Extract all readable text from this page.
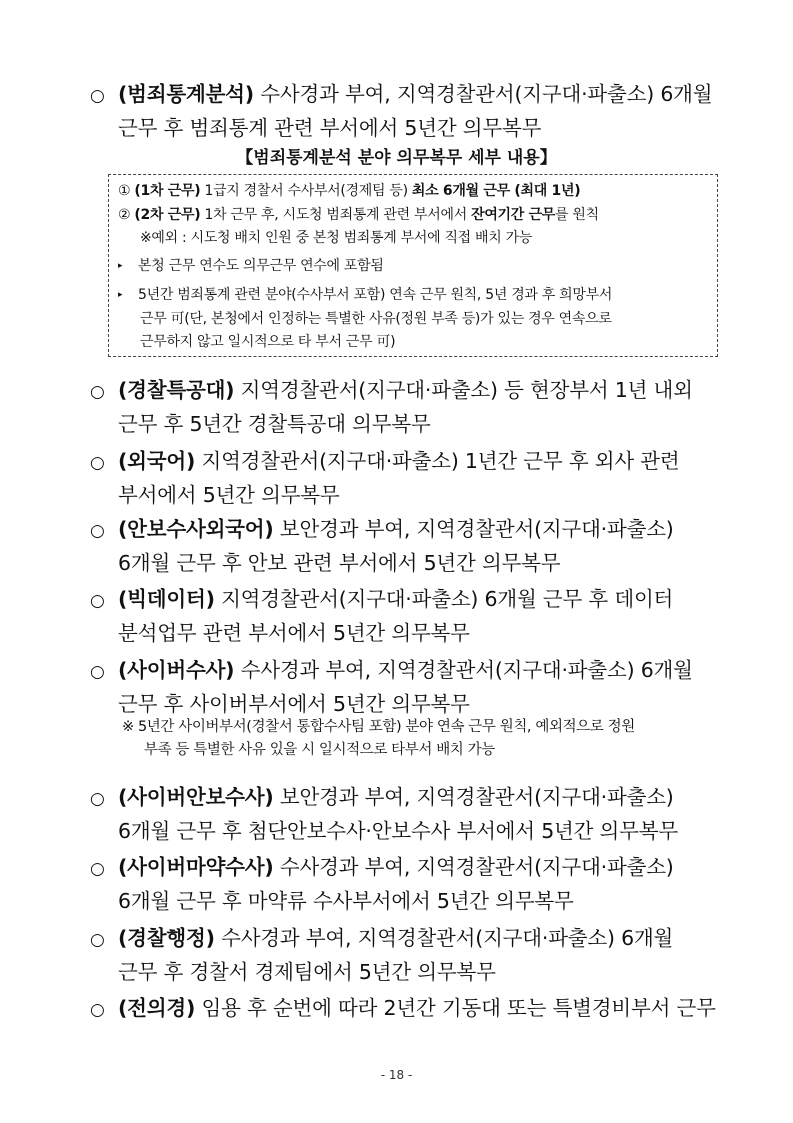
○ (범죄통계분석) 수사경과 부여, 지역경찰관서(지구대·파출소) 6개월
근무 후 범죄통계 관련 부서에서 5년간 의무복무
【범죄통계분석 분야 의무복무 세부 내용】
① (1차 근무) 1급지 경찰서 수사부서(경제팀 등) 최소 6개월 근무 (최대 1년)
② (2차 근무) 1차 근무 후, 시도청 범죄통계 관련 부서에서 잔여기간 근무를 원칙
※예외 : 시도청 배치 인원 중 본청 범죄통계 부서에 직접 배치 가능
▸ 본청 근무 연수도 의무근무 연수에 포함됨
▸ 5년간 범죄통계 관련 분야(수사부서 포함) 연속 근무 원칙, 5년 경과 후 희망부서
근무 可(단, 본청에서 인정하는 특별한 사유(정원 부족 등)가 있는 경우 연속으로
근무하지 않고 일시적으로 타 부서 근무 可)
○ (경찰특공대) 지역경찰관서(지구대·파출소) 등 현장부서 1년 내외
근무 후 5년간 경찰특공대 의무복무
○ (외국어) 지역경찰관서(지구대·파출소) 1년간 근무 후 외사 관련
부서에서 5년간 의무복무
○ (안보수사외국어) 보안경과 부여, 지역경찰관서(지구대·파출소)
6개월 근무 후 안보 관련 부서에서 5년간 의무복무
○ (빅데이터) 지역경찰관서(지구대·파출소) 6개월 근무 후 데이터
분석업무 관련 부서에서 5년간 의무복무
○ (사이버수사) 수사경과 부여, 지역경찰관서(지구대·파출소) 6개월
근무 후 사이버부서에서 5년간 의무복무
※ 5년간 사이버부서(경찰서 통합수사팀 포함) 분야 연속 근무 원칙, 예외적으로 정원
부족 등 특별한 사유 있을 시 일시적으로 타부서 배치 가능
○ (사이버안보수사) 보안경과 부여, 지역경찰관서(지구대·파출소)
6개월 근무 후 첨단안보수사·안보수사 부서에서 5년간 의무복무
○ (사이버마약수사) 수사경과 부여, 지역경찰관서(지구대·파출소)
6개월 근무 후 마약류 수사부서에서 5년간 의무복무
○ (경찰행정) 수사경과 부여, 지역경찰관서(지구대·파출소) 6개월
근무 후 경찰서 경제팀에서 5년간 의무복무
○ (전의경) 임용 후 순번에 따라 2년간 기동대 또는 특별경비부서 근무
- 18 -
